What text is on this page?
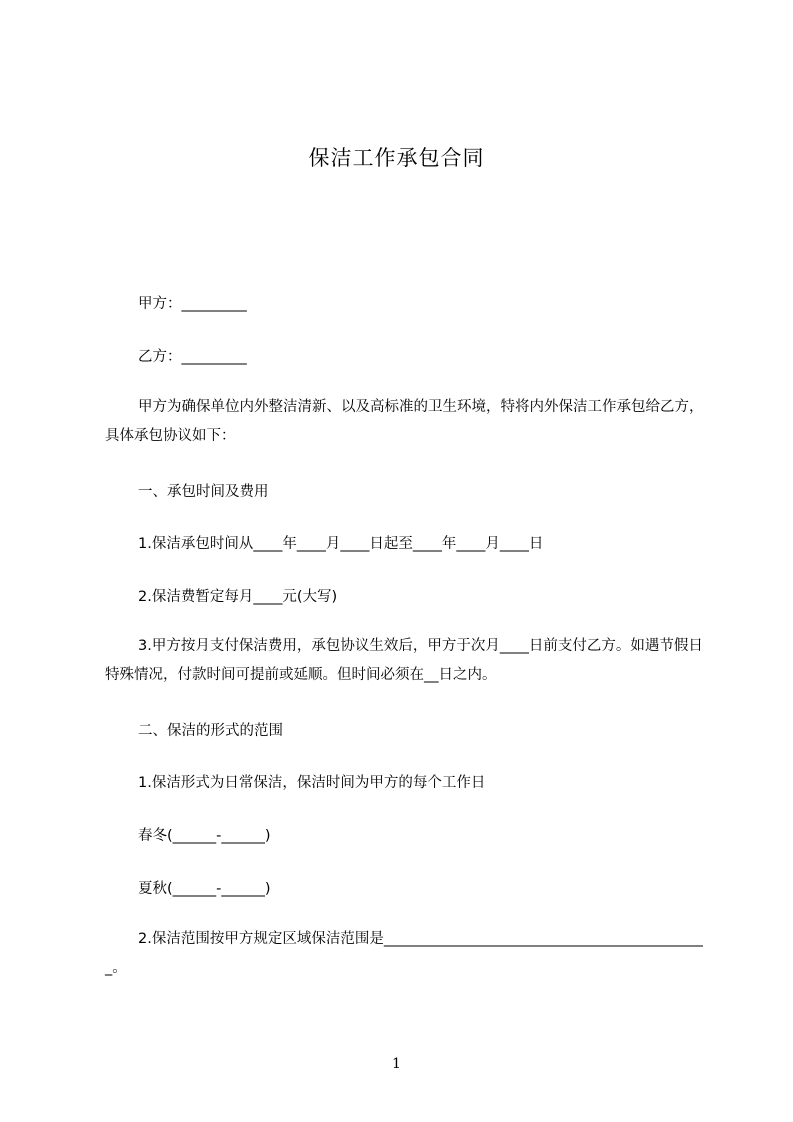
保洁工作承包合同
甲方：_________
乙方：_________
甲方为确保单位内外整洁清新、以及高标准的卫生环境，特将内外保洁工作承包给乙方，具体承包协议如下：
一、承包时间及费用
1.保洁承包时间从____年____月____日起至____年____月____日
2.保洁费暂定每月____元(大写)
3.甲方按月支付保洁费用，承包协议生效后，甲方于次月____日前支付乙方。如遇节假日特殊情况，付款时间可提前或延顺。但时间必须在__日之内。
二、保洁的形式的范围
1.保洁形式为日常保洁，保洁时间为甲方的每个工作日
春冬(______-______)
夏秋(______-______)
2.保洁范围按甲方规定区域保洁范围是_____________________________________________。
1
